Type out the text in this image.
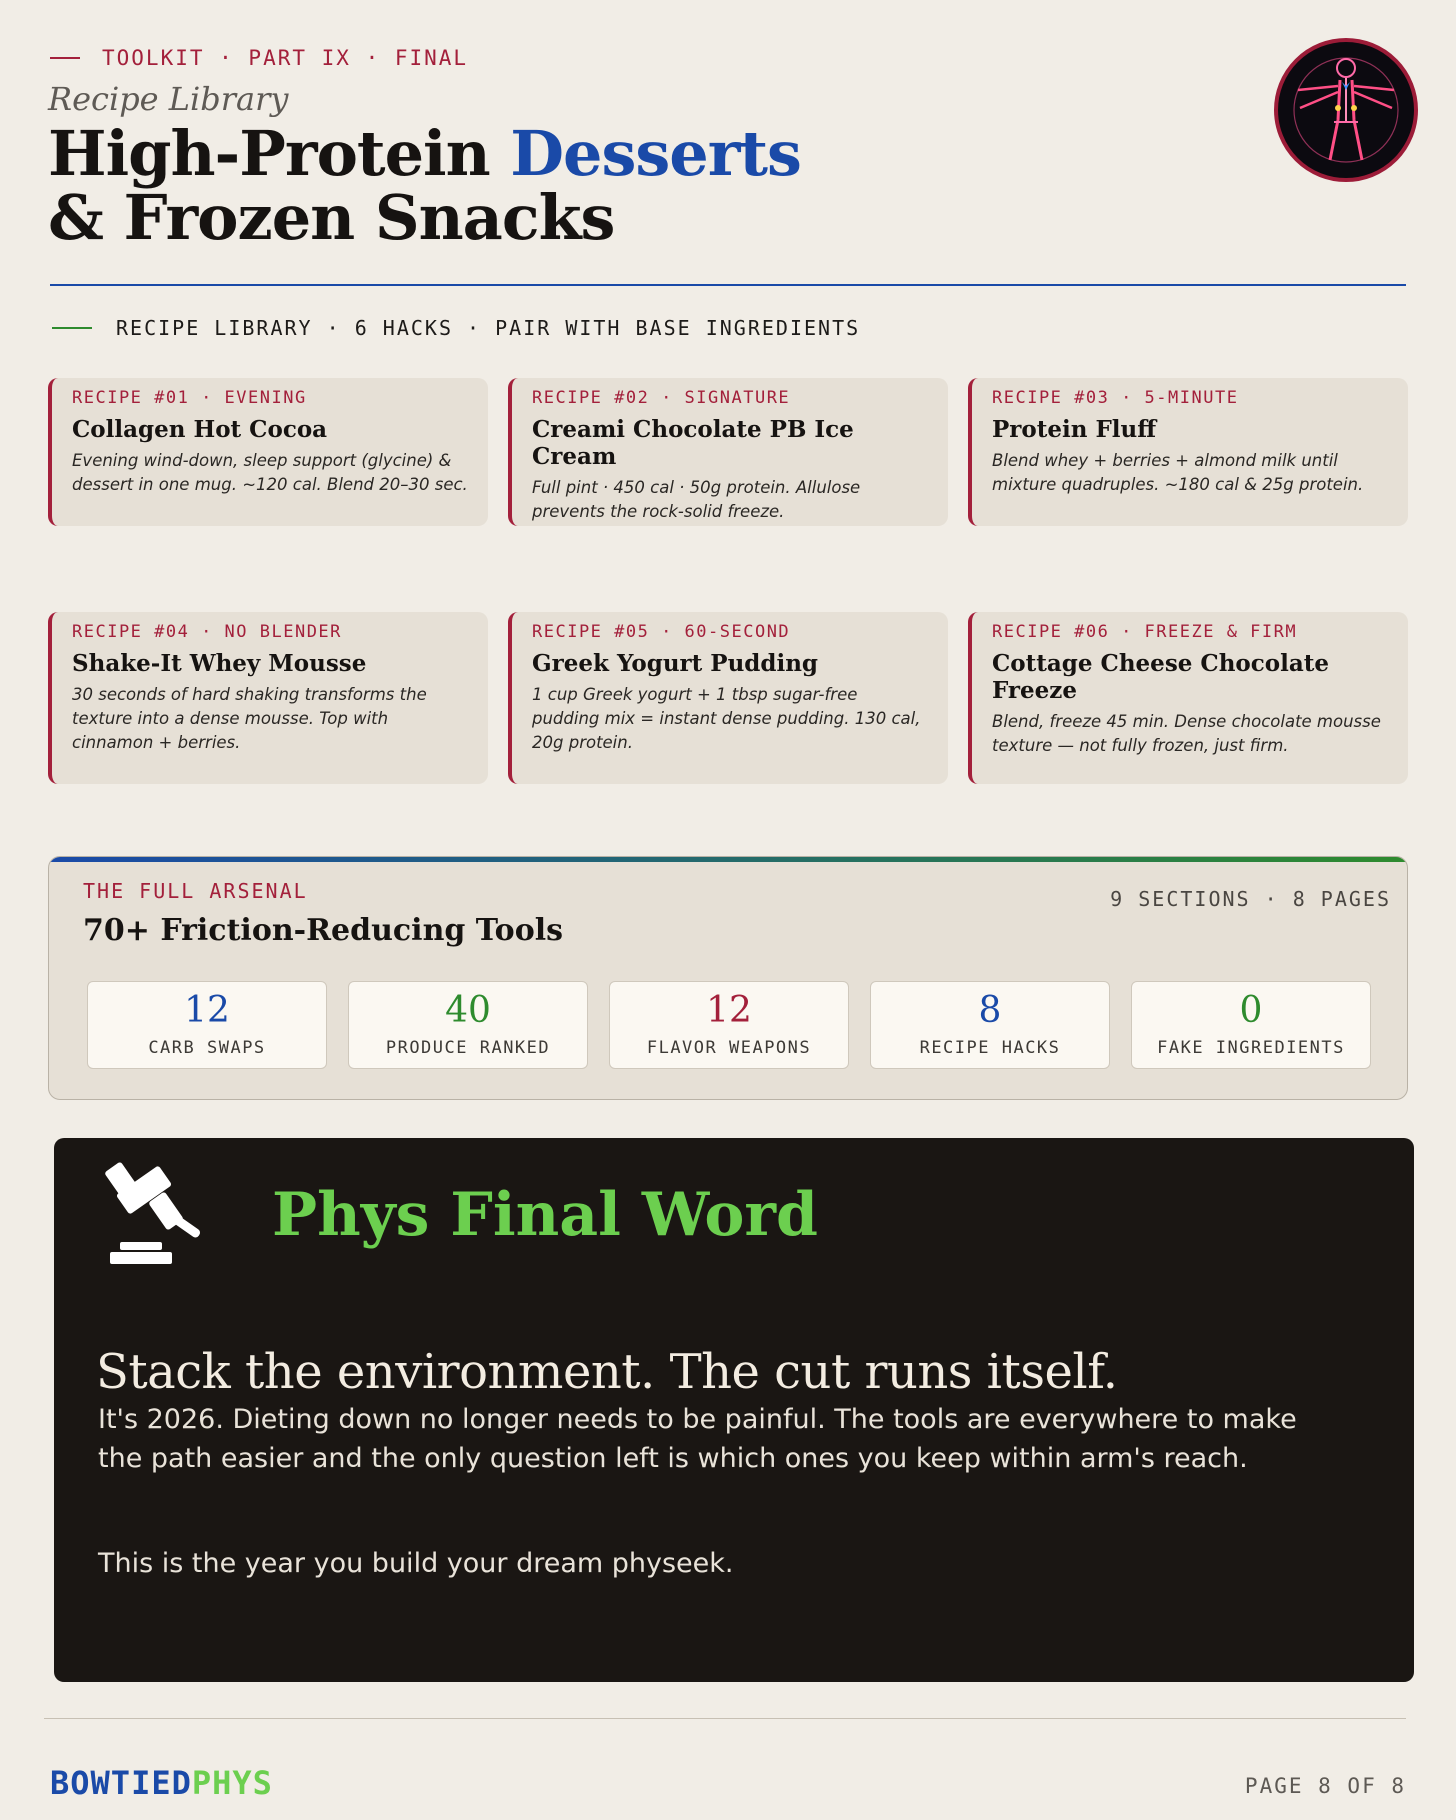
TOOLKIT · PART IX · FINAL
Recipe Library
High-Protein Desserts
& Frozen Snacks
RECIPE LIBRARY · 6 HACKS · PAIR WITH BASE INGREDIENTS
RECIPE #01 · EVENING
Collagen Hot Cocoa
Evening wind-down, sleep support (glycine) & dessert in one mug. ~120 cal. Blend 20–30 sec.
RECIPE #02 · SIGNATURE
Creami Chocolate PB Ice Cream
Full pint · 450 cal · 50g protein. Allulose prevents the rock-solid freeze.
RECIPE #03 · 5-MINUTE
Protein Fluff
Blend whey + berries + almond milk until mixture quadruples. ~180 cal & 25g protein.
RECIPE #04 · NO BLENDER
Shake-It Whey Mousse
30 seconds of hard shaking transforms the texture into a dense mousse. Top with cinnamon + berries.
RECIPE #05 · 60-SECOND
Greek Yogurt Pudding
1 cup Greek yogurt + 1 tbsp sugar-free pudding mix = instant dense pudding. 130 cal, 20g protein.
RECIPE #06 · FREEZE & FIRM
Cottage Cheese Chocolate Freeze
Blend, freeze 45 min. Dense chocolate mousse texture — not fully frozen, just firm.
THE FULL ARSENAL
70+ Friction-Reducing Tools
9 SECTIONS · 8 PAGES
12
CARB SWAPS
40
PRODUCE RANKED
12
FLAVOR WEAPONS
8
RECIPE HACKS
0
FAKE INGREDIENTS
Phys Final Word
Stack the environment. The cut runs itself.
It's 2026. Dieting down no longer needs to be painful. The tools are everywhere to make the path easier and the only question left is which ones you keep within arm's reach.
This is the year you build your dream physeek.
BOWTIEDPHYS	PAGE 8 OF 8
